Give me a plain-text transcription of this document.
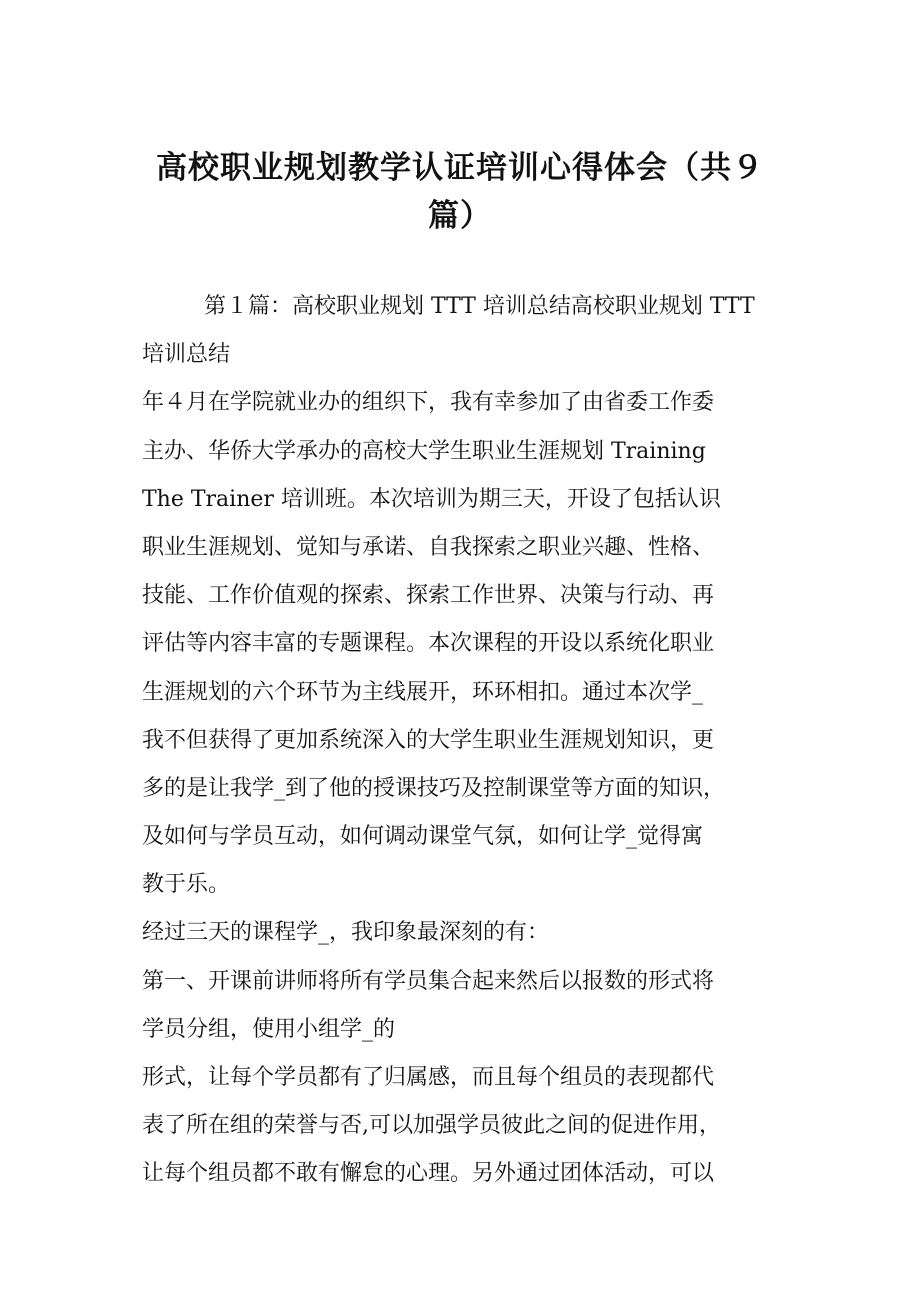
高校职业规划教学认证培训心得体会（共９
篇）
第１篇：高校职业规划 TTT 培训总结高校职业规划 TTT
培训总结
年４月在学院就业办的组织下，我有幸参加了由省委工作委
主办、华侨大学承办的高校大学生职业生涯规划 Training
The Trainer 培训班。本次培训为期三天，开设了包括认识
职业生涯规划、觉知与承诺、自我探索之职业兴趣、性格、
技能、工作价值观的探索、探索工作世界、决策与行动、再
评估等内容丰富的专题课程。本次课程的开设以系统化职业
生涯规划的六个环节为主线展开，环环相扣。通过本次学_
我不但获得了更加系统深入的大学生职业生涯规划知识，更
多的是让我学_到了他的授课技巧及控制课堂等方面的知识，
及如何与学员互动，如何调动课堂气氛，如何让学_觉得寓
教于乐。
经过三天的课程学_，我印象最深刻的有：
第一、开课前讲师将所有学员集合起来然后以报数的形式将
学员分组，使用小组学_的
形式，让每个学员都有了归属感，而且每个组员的表现都代
表了所在组的荣誉与否,可以加强学员彼此之间的促进作用，
让每个组员都不敢有懈怠的心理。另外通过团体活动，可以
